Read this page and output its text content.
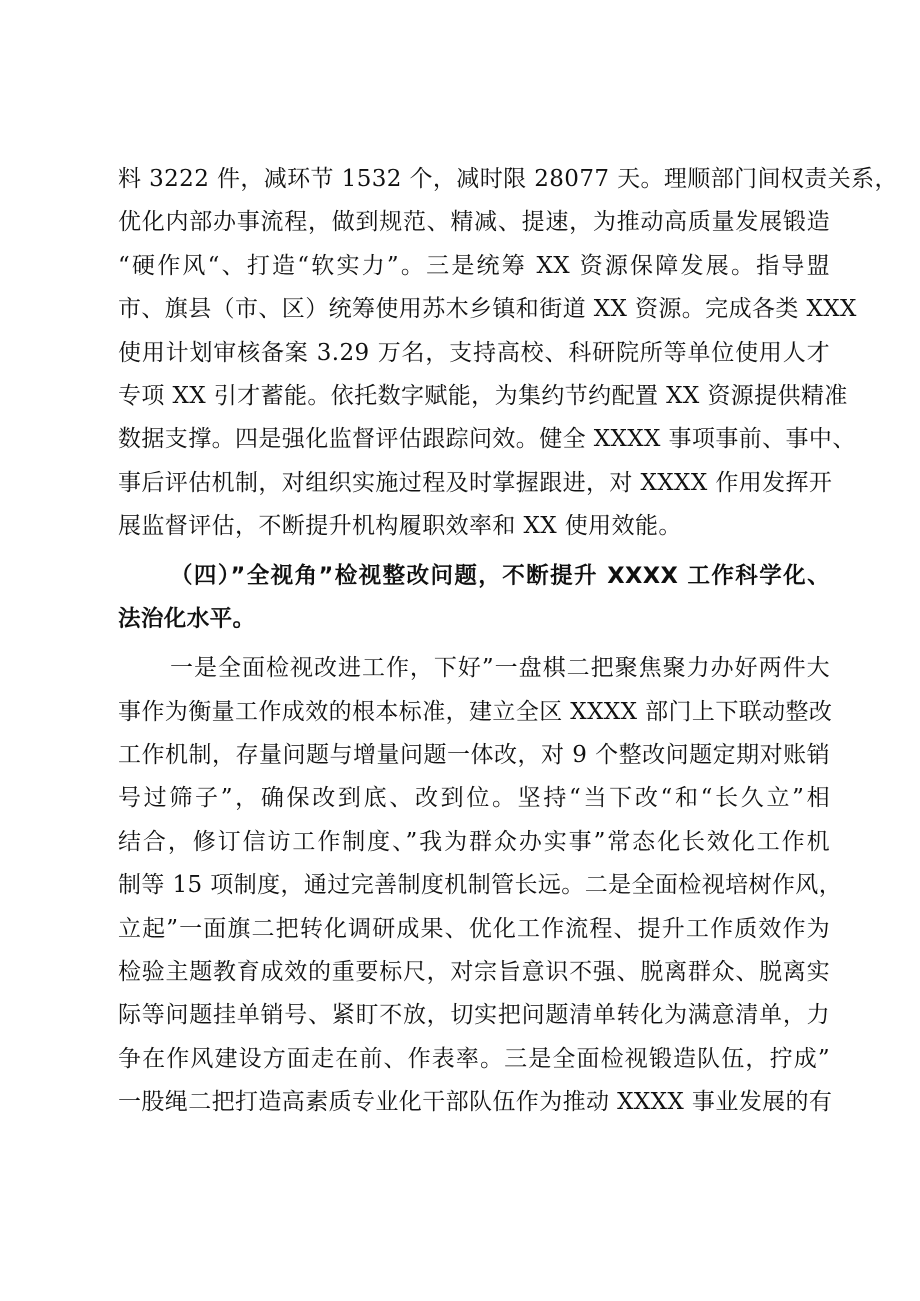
料 3222 件，减环节 1532 个，减时限 28077 天。理顺部门间权责关系，
优化内部办事流程，做到规范、精减、提速，为推动高质量发展锻造
“硬作风“、打造“软实力”。三是统筹 XX 资源保障发展。指导盟
市、旗县（市、区）统筹使用苏木乡镇和街道 XX 资源。完成各类 XXX
使用计划审核备案 3.29 万名，支持高校、科研院所等单位使用人才
专项 XX 引才蓄能。依托数字赋能，为集约节约配置 XX 资源提供精准
数据支撑。四是强化监督评估跟踪问效。健全 XXXX 事项事前、事中、
事后评估机制，对组织实施过程及时掌握跟进，对 XXXX 作用发挥开
展监督评估，不断提升机构履职效率和 XX 使用效能。
（四）”全视角”检视整改问题，不断提升 XXXX 工作科学化、
法治化水平。
一是全面检视改进工作，下好”一盘棋二把聚焦聚力办好两件大
事作为衡量工作成效的根本标准，建立全区 XXXX 部门上下联动整改
工作机制，存量问题与增量问题一体改，对 9 个整改问题定期对账销
号过筛子”，确保改到底、改到位。坚持“当下改“和“长久立”相
结合，修订信访工作制度、”我为群众办实事”常态化长效化工作机
制等 15 项制度，通过完善制度机制管长远。二是全面检视培树作风，
立起”一面旗二把转化调研成果、优化工作流程、提升工作质效作为
检验主题教育成效的重要标尺，对宗旨意识不强、脱离群众、脱离实
际等问题挂单销号、紧盯不放，切实把问题清单转化为满意清单，力
争在作风建设方面走在前、作表率。三是全面检视锻造队伍，拧成”
一股绳二把打造高素质专业化干部队伍作为推动 XXXX 事业发展的有
